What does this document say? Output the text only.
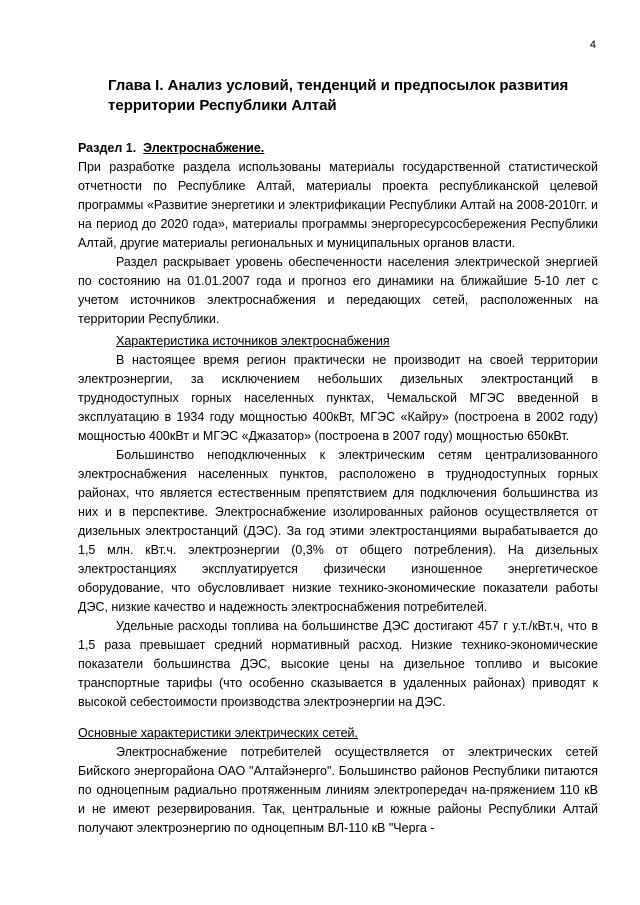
4
Глава I. Анализ условий, тенденций и предпосылок развития территории Республики Алтай
Раздел 1. Электроснабжение.

При разработке раздела использованы материалы государственной статистической отчетности по Республике Алтай, материалы проекта республиканской целевой программы «Развитие энергетики и электрификации Республики Алтай на 2008-2010гг. и на период до 2020 года», материалы программы энергоресурсосбережения Республики Алтай, другие материалы региональных и муниципальных органов власти.

Раздел раскрывает уровень обеспеченности населения электрической энергией по состоянию на 01.01.2007 года и прогноз его динамики на ближайшие 5-10 лет с учетом источников электроснабжения и передающих сетей, расположенных на территории Республики.

Характеристика источников электроснабжения

В настоящее время регион практически не производит на своей территории электроэнергии, за исключением небольших дизельных электростанций в труднодоступных горных населенных пунктах, Чемальской МГЭС введенной в эксплуатацию в 1934 году мощностью 400кВт, МГЭС «Кайру» (построена в 2002 году) мощностью 400кВт и МГЭС «Джазатор» (построена в 2007 году) мощностью 650кВт.

Большинство неподключенных к электрическим сетям централизованного электроснабжения населенных пунктов, расположено в труднодоступных горных районах, что является естественным препятствием для подключения большинства из них и в перспективе. Электроснабжение изолированных районов осуществляется от дизельных электростанций (ДЭС). За год этими электростанциями вырабатывается до 1,5 млн. кВт.ч. электроэнергии (0,3% от общего потребления). На дизельных электростанциях эксплуатируется физически изношенное энергетическое оборудование, что обусловливает низкие технико-экономические показатели работы ДЭС, низкие качество и надежность электроснабжения потребителей.

Удельные расходы топлива на большинстве ДЭС достигают 457 г у.т./кВт.ч, что в 1,5 раза превышает средний нормативный расход. Низкие технико-экономические показатели большинства ДЭС, высокие цены на дизельное топливо и высокие транспортные тарифы (что особенно сказывается в удаленных районах) приводят к высокой себестоимости производства электроэнергии на ДЭС.

Основные характеристики электрических сетей.

Электроснабжение потребителей осуществляется от электрических сетей Бийского энергорайона ОАО "Алтайэнерго". Большинство районов Республики питаются по одноцепным радиально протяженным линиям электропередач на-пряжением 110 кВ и не имеют резервирования. Так, центральные и южные районы Республики Алтай получают электроэнергию по одноцепным ВЛ-110 кВ "Черга -
